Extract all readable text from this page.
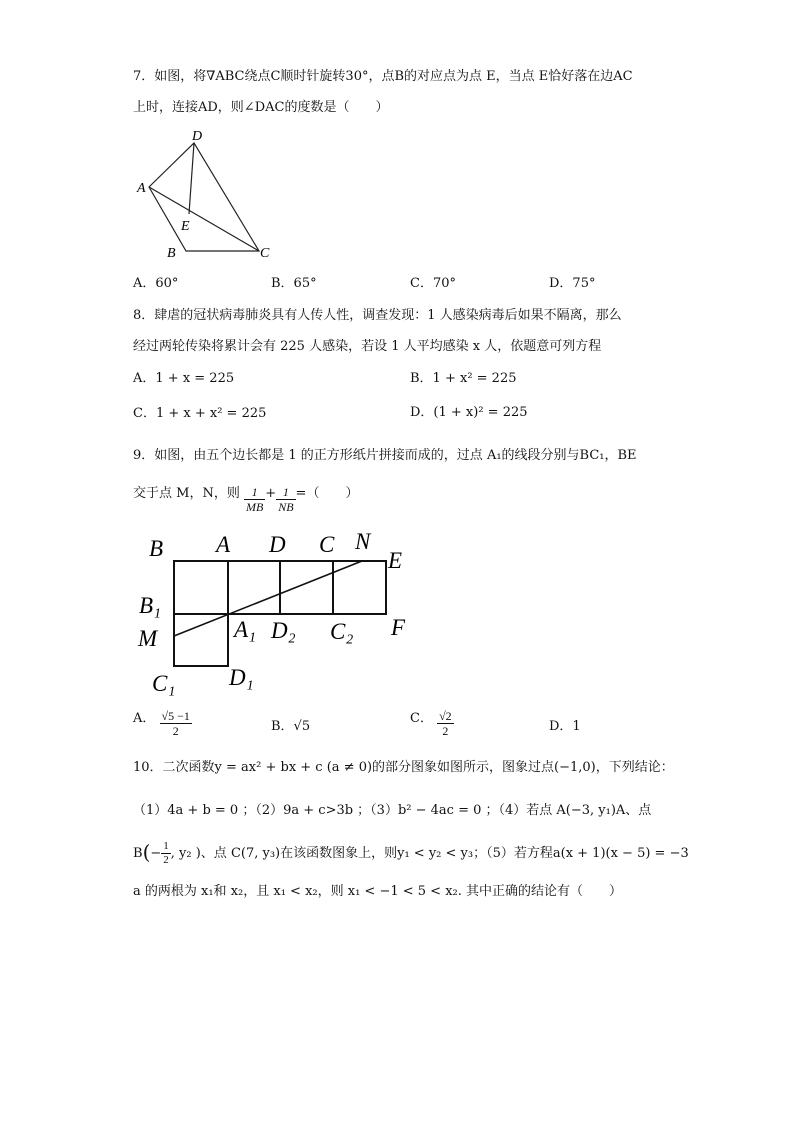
7．如图，将∇ABC绕点C顺时针旋转30°，点B的对应点为点 E，当点 E恰好落在边AC
上时，连接AD，则∠DAC的度数是（　　）
D
A
E
B	C
A．60°	B．65°	C．70°	D．75°
8．肆虐的冠状病毒肺炎具有人传人性，调查发现：1 人感染病毒后如果不隔离，那么
经过两轮传染将累计会有 225 人感染，若设 1 人平均感染 x 人，依题意可列方程
A．1 + x = 225	B．1 + x² = 225
C．1 + x + x² = 225	D．(1 + x)² = 225
9．如图，由五个边长都是 1 的正方形纸片拼接而成的，过点 A₁的线段分别与BC₁，BE
交于点 M，N，则 $\frac{1}{MB} + \frac{1}{NB}$ =（　　）
B A D C N
E
B₁
M	A₁ D₂ C₂ F
C₁ D₁
A． $\frac{√5 -1}{2}$	B．√5
C． $\frac{√2}{2}$	D．1
10．二次函数y = ax² + bx + c (a ≠ 0)的部分图象如图所示，图象过点(−1,0)，下列结论：
（1）4a + b = 0 ；（2）9a + c>3b ；（3）b² − 4ac = 0 ；（4）若点 A(−3, y₁)A、点
$B(- \frac{1}{2}$ , y₂ )、点 C(7, y₃)在该函数图象上，则y₁ < y₂ < y₃；（5）若方程a(x + 1)(x − 5) = −3
a 的两根为 x₁和 x₂，且 x₁ < x₂，则 x₁ < −1 < 5 < x₂. 其中正确的结论有（　　）
